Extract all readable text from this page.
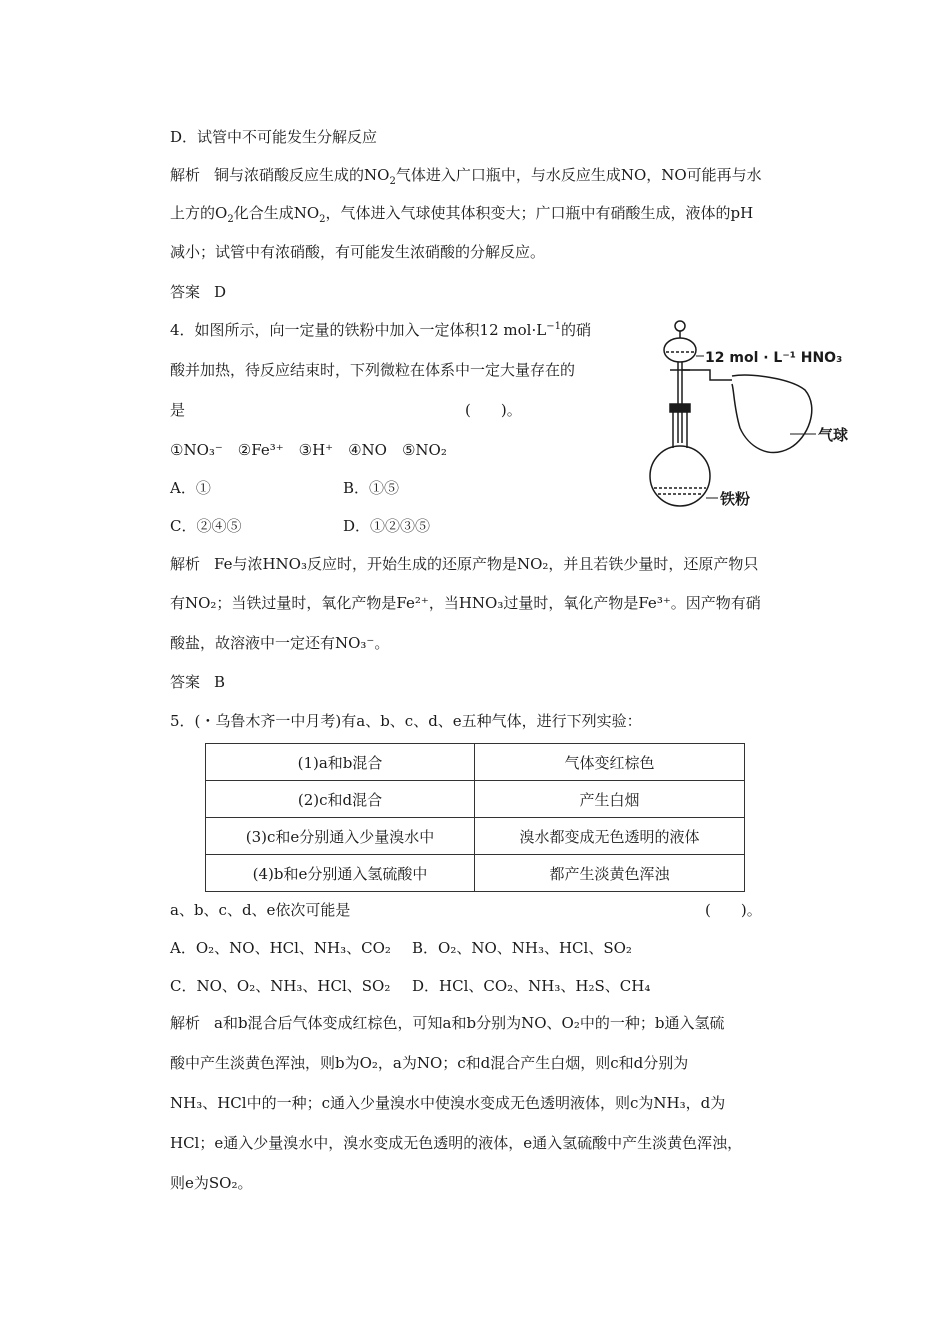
D．试管中不可能发生分解反应
解析 铜与浓硝酸反应生成的$NO_2$气体进入广口瓶中，与水反应生成NO，NO可能再与水
上方的$O_2$化合生成$NO_2$，气体进入气球使其体积变大；广口瓶中有硝酸生成，液体的pH
减小；试管中有浓硝酸，有可能发生浓硝酸的分解反应。
答案 D
4．如图所示，向一定量的铁粉中加入一定体积12 $mol\cdot L^{-1}$的硝
酸并加热，待反应结束时，下列微粒在体系中一定大量存在的
是	(　　)。
①NO₃⁻　②Fe³⁺　③H⁺　④NO　⑤NO₂
A．①	B．①⑤
C．②④⑤	D．①②③⑤
12 mol · L⁻¹ HNO₃
气球
铁粉
解析 Fe与浓HNO₃反应时，开始生成的还原产物是NO₂，并且若铁少量时，还原产物只
有NO₂；当铁过量时，氧化产物是Fe²⁺，当HNO₃过量时，氧化产物是Fe³⁺。因产物有硝
酸盐，故溶液中一定还有NO₃⁻。
答案 B
5．(・乌鲁木齐一中月考)有a、b、c、d、e五种气体，进行下列实验：
(1)a和b混合	气体变红棕色
(2)c和d混合	产生白烟
(3)c和e分别通入少量溴水中	溴水都变成无色透明的液体
(4)b和e分别通入氢硫酸中	都产生淡黄色浑浊
a、b、c、d、e依次可能是	(　　)。
A．O₂、NO、HCl、NH₃、CO₂ B．O₂、NO、NH₃、HCl、SO₂
C．NO、O₂、NH₃、HCl、SO₂ D．HCl、CO₂、NH₃、H₂S、CH₄
解析 a和b混合后气体变成红棕色，可知a和b分别为NO、O₂中的一种；b通入氢硫
酸中产生淡黄色浑浊，则b为O₂，a为NO；c和d混合产生白烟，则c和d分别为
NH₃、HCl中的一种；c通入少量溴水中使溴水变成无色透明液体，则c为NH₃，d为
HCl；e通入少量溴水中，溴水变成无色透明的液体，e通入氢硫酸中产生淡黄色浑浊，
则e为SO₂。
